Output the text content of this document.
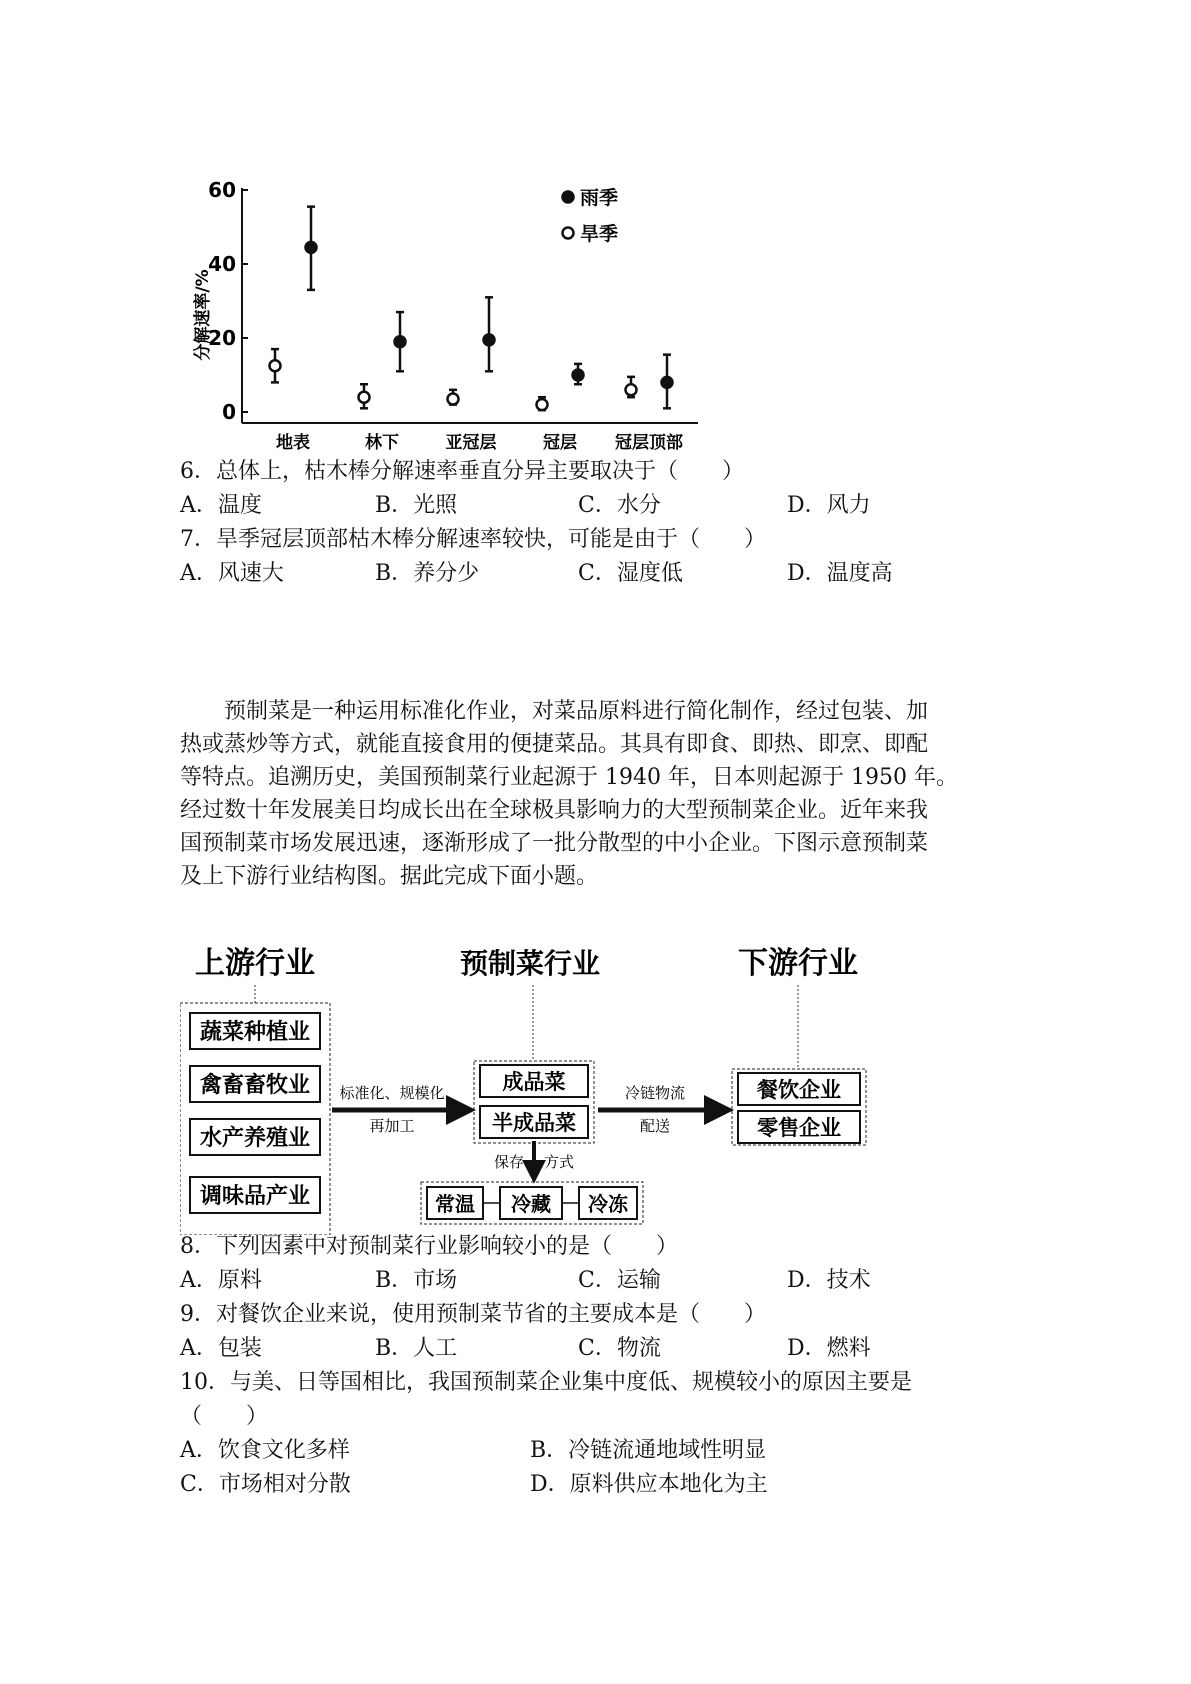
0
20
40
60
地表	林下	亚冠层	冠层 冠层顶部
雨季
旱季
分解速率/%
6．总体上，枯木棒分解速率垂直分异主要取决于（　　）
A．温度	B．光照	C．水分	D．风力
7．旱季冠层顶部枯木棒分解速率较快，可能是由于（　　）
A．风速大	B．养分少	C．湿度低	D．温度高
预制菜是一种运用标准化作业，对菜品原料进行简化制作，经过包装、加
热或蒸炒等方式，就能直接食用的便捷菜品。其具有即食、即热、即烹、即配
等特点。追溯历史，美国预制菜行业起源于 1940 年，日本则起源于 1950 年。
经过数十年发展美日均成长出在全球极具影响力的大型预制菜企业。近年来我
国预制菜市场发展迅速，逐渐形成了一批分散型的中小企业。下图示意预制菜
及上下游行业结构图。据此完成下面小题。
上游行业	预制菜行业	下游行业
蔬菜种植业
禽畜畜牧业
水产养殖业
调味品产业
标准化、规模化
再加工
成品菜
半成品菜
冷链物流
配送
餐饮企业
零售企业
保存 方式
常温 冷藏 冷冻
8．下列因素中对预制菜行业影响较小的是（　　）
A．原料	B．市场	C．运输	D．技术
9．对餐饮企业来说，使用预制菜节省的主要成本是（　　）
A．包装	B．人工	C．物流	D．燃料
10．与美、日等国相比，我国预制菜企业集中度低、规模较小的原因主要是
（　　）
A．饮食文化多样	B．冷链流通地域性明显
C．市场相对分散	D．原料供应本地化为主
